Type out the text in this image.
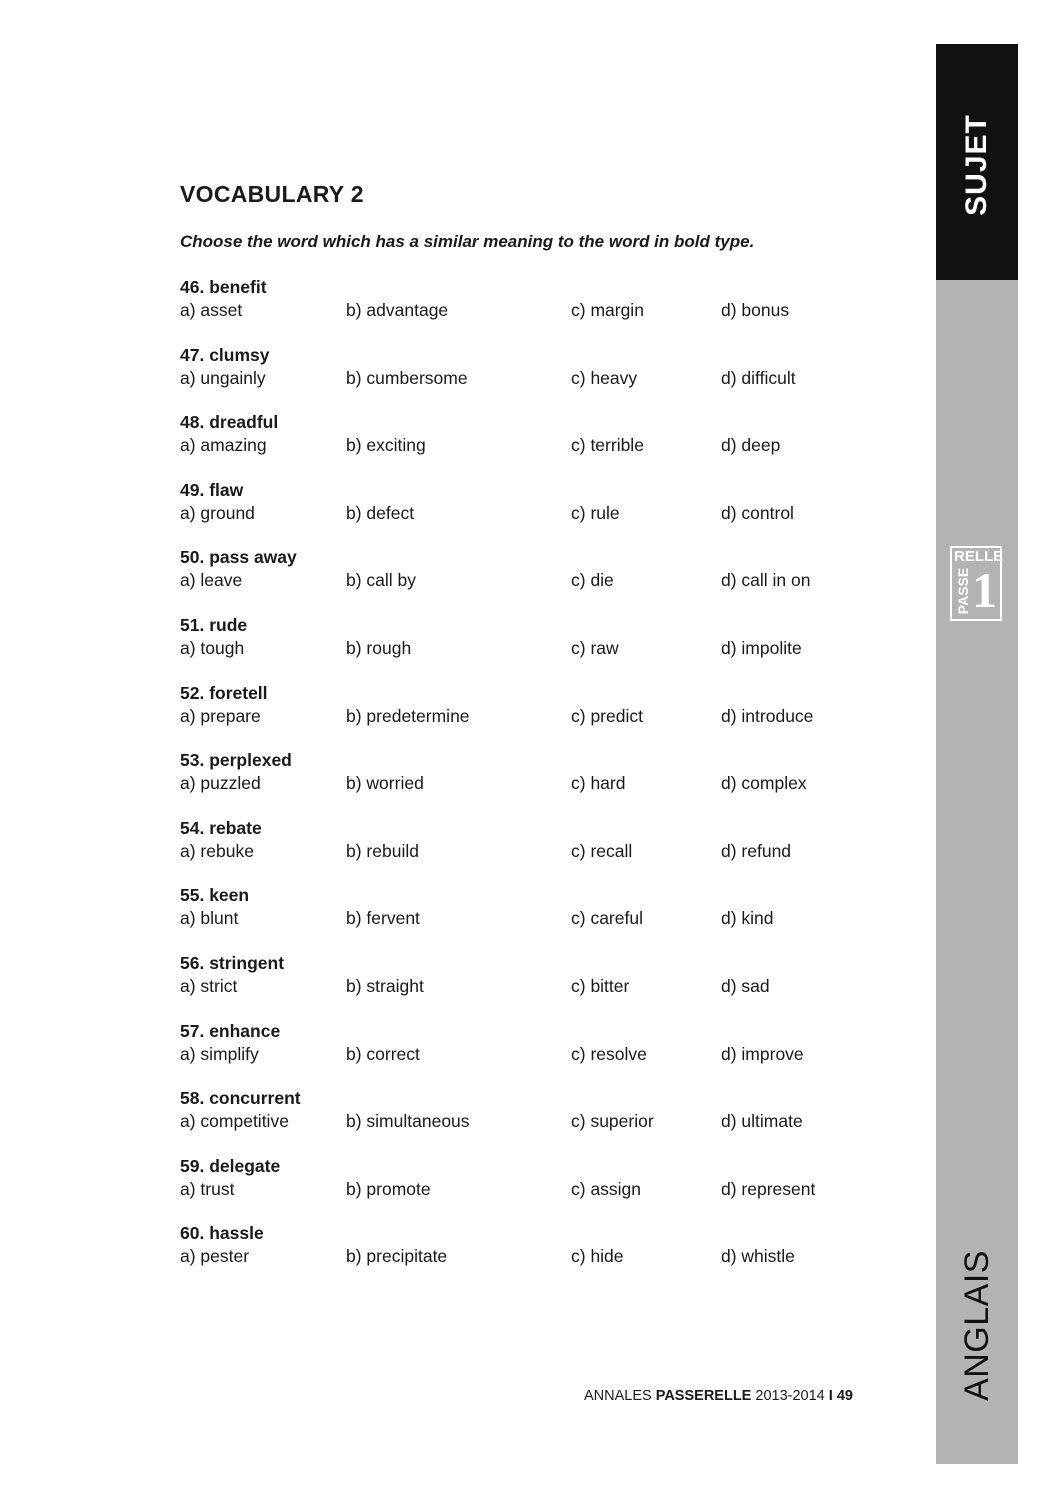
SUJET
RELLE
PASSE 1
ANGLAIS
VOCABULARY 2

Choose the word which has a similar meaning to the word in bold type.

46. benefit
a) asset	b) advantage	c) margin	d) bonus
47. clumsy
a) ungainly	b) cumbersome	c) heavy	d) difficult
48. dreadful
a) amazing	b) exciting	c) terrible	d) deep
49. flaw
a) ground	b) defect	c) rule	d) control
50. pass away
a) leave	b) call by	c) die	d) call in on
51. rude
a) tough	b) rough	c) raw	d) impolite
52. foretell
a) prepare	b) predetermine	c) predict	d) introduce
53. perplexed
a) puzzled	b) worried	c) hard	d) complex
54. rebate
a) rebuke	b) rebuild	c) recall	d) refund
55. keen
a) blunt	b) fervent	c) careful	d) kind
56. stringent
a) strict	b) straight	c) bitter	d) sad
57. enhance
a) simplify	b) correct	c) resolve	d) improve
58. concurrent
a) competitive	b) simultaneous	c) superior	d) ultimate
59. delegate
a) trust	b) promote	c) assign	d) represent
60. hassle
a) pester	b) precipitate	c) hide	d) whistle
ANNALES PASSERELLE 2013-2014 I 49
